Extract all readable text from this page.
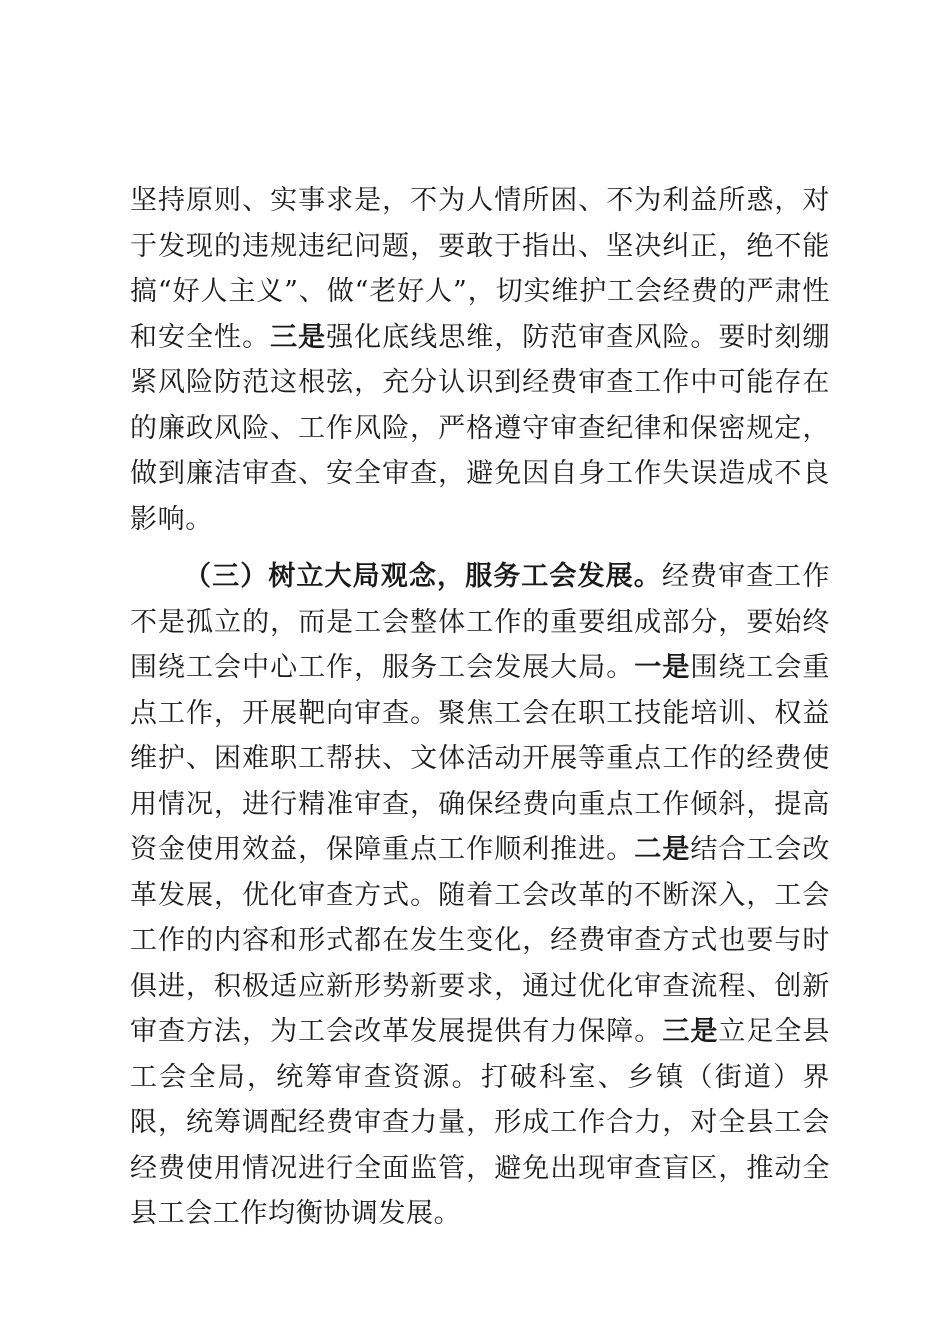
坚持原则、实事求是，不为人情所困、不为利益所惑，对于发现的违规违纪问题，要敢于指出、坚决纠正，绝不能搞“好人主义”、做“老好人”，切实维护工会经费的严肃性和安全性。三是强化底线思维，防范审查风险。要时刻绷紧风险防范这根弦，充分认识到经费审查工作中可能存在的廉政风险、工作风险，严格遵守审查纪律和保密规定，做到廉洁审查、安全审查，避免因自身工作失误造成不良影响。

（三）树立大局观念，服务工会发展。经费审查工作不是孤立的，而是工会整体工作的重要组成部分，要始终围绕工会中心工作，服务工会发展大局。一是围绕工会重点工作，开展靶向审查。聚焦工会在职工技能培训、权益维护、困难职工帮扶、文体活动开展等重点工作的经费使用情况，进行精准审查，确保经费向重点工作倾斜，提高资金使用效益，保障重点工作顺利推进。二是结合工会改革发展，优化审查方式。随着工会改革的不断深入，工会工作的内容和形式都在发生变化，经费审查方式也要与时俱进，积极适应新形势新要求，通过优化审查流程、创新审查方法，为工会改革发展提供有力保障。三是立足全县工会全局，统筹审查资源。打破科室、乡镇（街道）界限，统筹调配经费审查力量，形成工作合力，对全县工会经费使用情况进行全面监管，避免出现审查盲区，推动全县工会工作均衡协调发展。
